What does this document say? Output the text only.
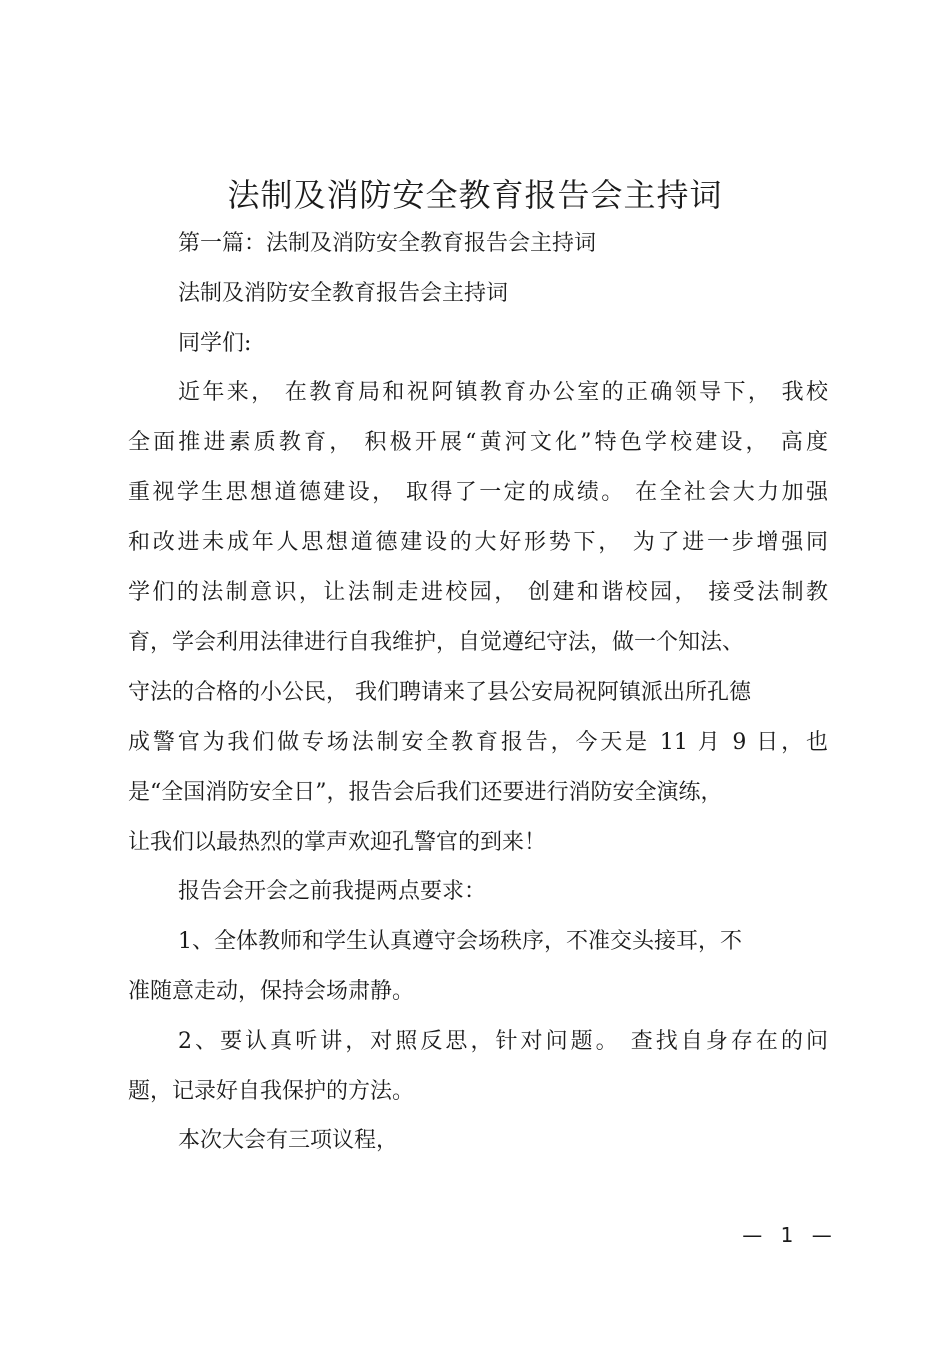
法制及消防安全教育报告会主持词
第一篇：法制及消防安全教育报告会主持词
法制及消防安全教育报告会主持词
同学们:
近年来， 在教育局和祝阿镇教育办公室的正确领导下， 我校
全面推进素质教育， 积极开展“黄河文化”特色学校建设， 高度
重视学生思想道德建设， 取得了一定的成绩。 在全社会大力加强
和改进未成年人思想道德建设的大好形势下， 为了进一步增强同
学们的法制意识，让法制走进校园， 创建和谐校园， 接受法制教
育，学会利用法律进行自我维护，自觉遵纪守法，做一个知法、
守法的合格的小公民， 我们聘请来了县公安局祝阿镇派出所孔德
成警官为我们做专场法制安全教育报告，今天是 11 月 9 日，也
是“全国消防安全日”，报告会后我们还要进行消防安全演练，
让我们以最热烈的掌声欢迎孔警官的到来！
报告会开会之前我提两点要求：
1、全体教师和学生认真遵守会场秩序，不准交头接耳，不
准随意走动，保持会场肃静。
2、要认真听讲，对照反思，针对问题。 查找自身存在的问
题，记录好自我保护的方法。
本次大会有三项议程，
— 1 —
